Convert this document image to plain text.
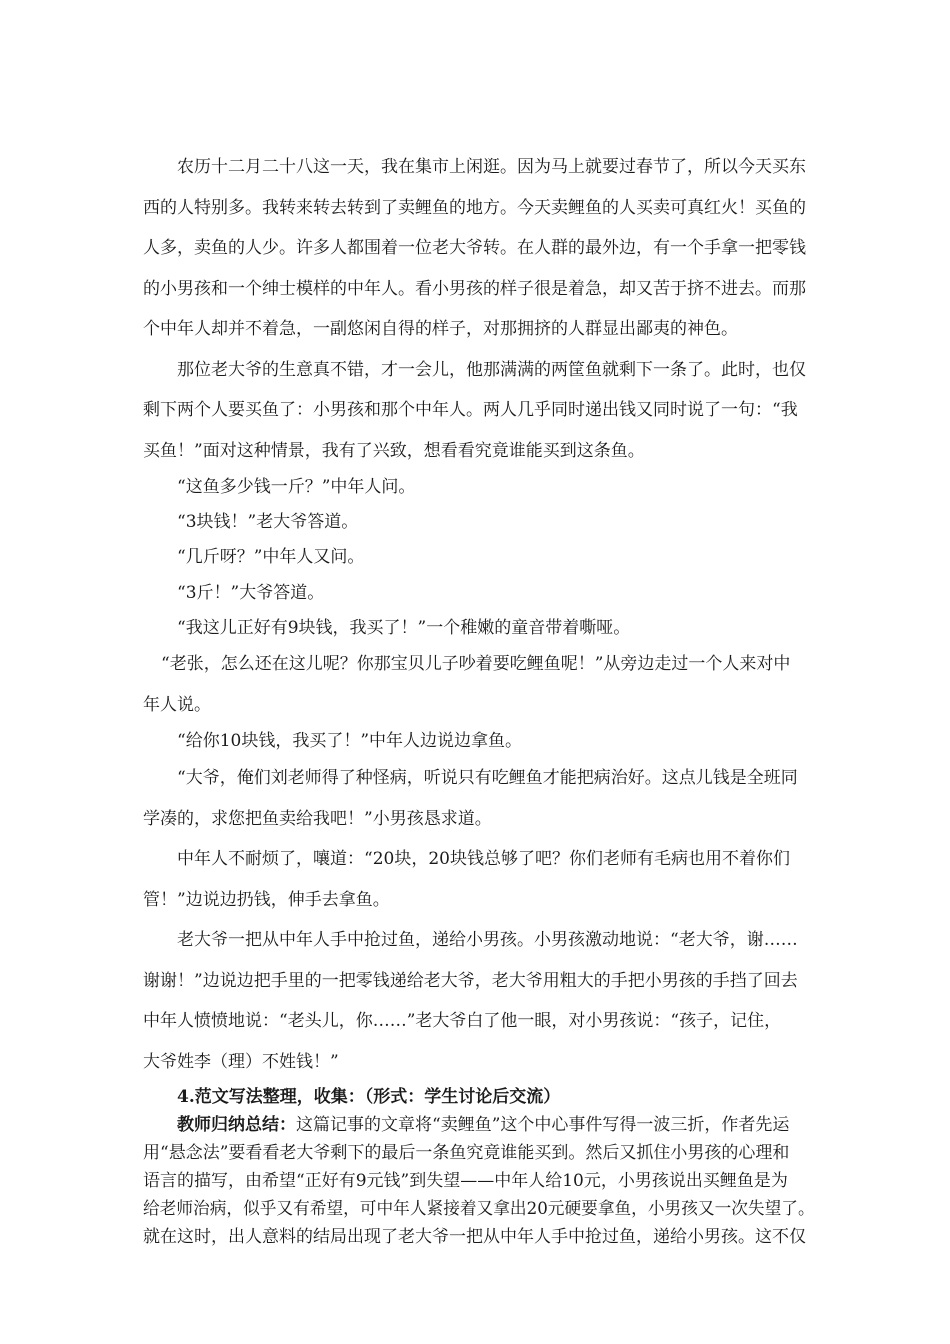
农历十二月二十八这一天，我在集市上闲逛。因为马上就要过春节了，所以今天买东
西的人特别多。我转来转去转到了卖鲤鱼的地方。今天卖鲤鱼的人买卖可真红火！买鱼的
人多，卖鱼的人少。许多人都围着一位老大爷转。在人群的最外边，有一个手拿一把零钱
的小男孩和一个绅士模样的中年人。看小男孩的样子很是着急，却又苦于挤不进去。而那
个中年人却并不着急，一副悠闲自得的样子，对那拥挤的人群显出鄙夷的神色。
那位老大爷的生意真不错，才一会儿，他那满满的两筐鱼就剩下一条了。此时，也仅
剩下两个人要买鱼了：小男孩和那个中年人。两人几乎同时递出钱又同时说了一句：“我
买鱼！”面对这种情景，我有了兴致，想看看究竟谁能买到这条鱼。
“这鱼多少钱一斤？”中年人问。
“3块钱！”老大爷答道。
“几斤呀？”中年人又问。
“3斤！”大爷答道。
“我这儿正好有9块钱，我买了！”一个稚嫩的童音带着嘶哑。
“老张，怎么还在这儿呢？你那宝贝儿子吵着要吃鲤鱼呢！”从旁边走过一个人来对中
年人说。
“给你10块钱，我买了！”中年人边说边拿鱼。
“大爷，俺们刘老师得了种怪病，听说只有吃鲤鱼才能把病治好。这点儿钱是全班同
学凑的，求您把鱼卖给我吧！”小男孩恳求道。
中年人不耐烦了，嚷道：“20块，20块钱总够了吧？你们老师有毛病也用不着你们
管！”边说边扔钱，伸手去拿鱼。
老大爷一把从中年人手中抢过鱼，递给小男孩。小男孩激动地说：“老大爷，谢……
谢谢！”边说边把手里的一把零钱递给老大爷，老大爷用粗大的手把小男孩的手挡了回去
中年人愤愤地说：“老头儿，你……”老大爷白了他一眼，对小男孩说：“孩子，记住，
大爷姓李（理）不姓钱！”
4.范文写法整理，收集：（形式：学生讨论后交流）
教师归纳总结：这篇记事的文章将“卖鲤鱼”这个中心事件写得一波三折，作者先运
用“悬念法”要看看老大爷剩下的最后一条鱼究竟谁能买到。然后又抓住小男孩的心理和
语言的描写，由希望“正好有9元钱”到失望——中年人给10元，小男孩说出买鲤鱼是为
给老师治病，似乎又有希望，可中年人紧接着又拿出20元硬要拿鱼，小男孩又一次失望了。
就在这时，出人意料的结局出现了老大爷一把从中年人手中抢过鱼，递给小男孩。这不仅
